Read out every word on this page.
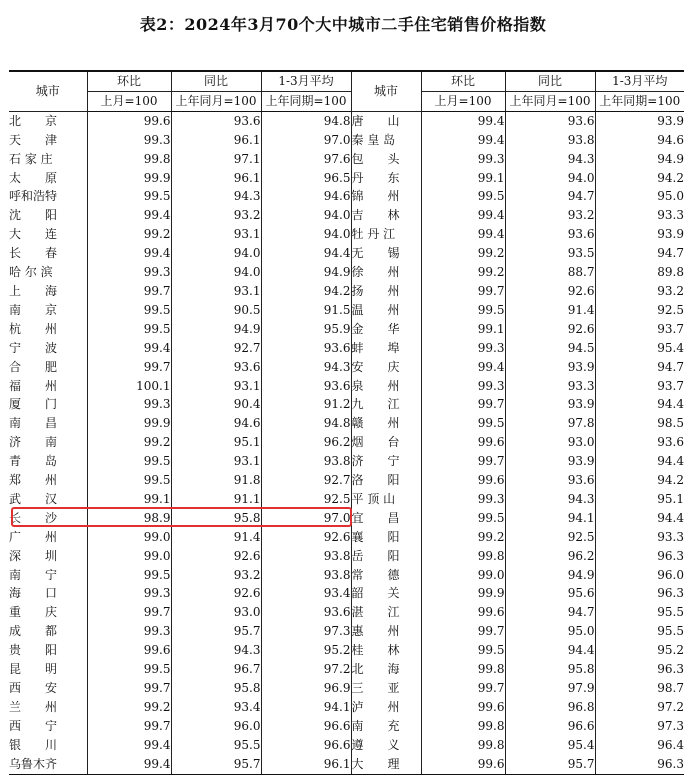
表2：2024年3月70个大中城市二手住宅销售价格指数
城市	环比	同比	1-3月平均	城市	环比	同比	1-3月平均
	上月=100	上年同月=100	上年同期=100		上月=100	上年同月=100	上年同期=100
北　　京	99.6	93.6	94.8	唐　　山	99.4	93.6	93.9
天　　津	99.3	96.1	97.0	秦 皇 岛	99.4	93.8	94.6
石 家 庄	99.8	97.1	97.6	包　　头	99.3	94.3	94.9
太　　原	99.9	96.1	96.5	丹　　东	99.1	94.0	94.2
呼和浩特	99.5	94.3	94.6	锦　　州	99.5	94.7	95.0
沈　　阳	99.4	93.2	94.0	吉　　林	99.4	93.2	93.3
大　　连	99.2	93.1	94.0	牡 丹 江	99.4	93.6	93.9
长　　春	99.4	94.0	94.4	无　　锡	99.2	93.5	94.7
哈 尔 滨	99.3	94.0	94.9	徐　　州	99.2	88.7	89.8
上　　海	99.7	93.1	94.2	扬　　州	99.7	92.6	93.2
南　　京	99.5	90.5	91.5	温　　州	99.5	91.4	92.5
杭　　州	99.5	94.9	95.9	金　　华	99.1	92.6	93.7
宁　　波	99.4	92.7	93.6	蚌　　埠	99.3	94.5	95.4
合　　肥	99.7	93.6	94.3	安　　庆	99.4	93.9	94.7
福　　州	100.1	93.1	93.6	泉　　州	99.3	93.3	93.7
厦　　门	99.3	90.4	91.2	九　　江	99.7	93.9	94.4
南　　昌	99.9	94.6	94.8	赣　　州	99.5	97.8	98.5
济　　南	99.2	95.1	96.2	烟　　台	99.6	93.0	93.6
青　　岛	99.5	93.1	93.8	济　　宁	99.7	93.9	94.4
郑　　州	99.5	91.8	92.7	洛　　阳	99.6	93.6	94.2
武　　汉	99.1	91.1	92.5	平 顶 山	99.3	94.3	95.1
长　　沙	98.9	95.8	97.0	宜　　昌	99.5	94.1	94.4
广　　州	99.0	91.4	92.6	襄　　阳	99.2	92.5	93.3
深　　圳	99.0	92.6	93.8	岳　　阳	99.8	96.2	96.3
南　　宁	99.5	93.2	93.8	常　　德	99.0	94.9	96.0
海　　口	99.3	92.6	93.4	韶　　关	99.9	95.6	96.3
重　　庆	99.7	93.0	93.6	湛　　江	99.6	94.7	95.5
成　　都	99.3	95.7	97.3	惠　　州	99.7	95.0	95.5
贵　　阳	99.6	94.3	95.2	桂　　林	99.5	94.4	95.2
昆　　明	99.5	96.7	97.2	北　　海	99.8	95.8	96.3
西　　安	99.7	95.8	96.9	三　　亚	99.7	97.9	98.7
兰　　州	99.2	93.4	94.1	泸　　州	99.6	96.8	97.2
西　　宁	99.7	96.0	96.6	南　　充	99.8	96.6	97.3
银　　川	99.4	95.5	96.6	遵　　义	99.8	95.4	96.4
乌鲁木齐	99.4	95.7	96.1	大　　理	99.6	95.7	96.3
